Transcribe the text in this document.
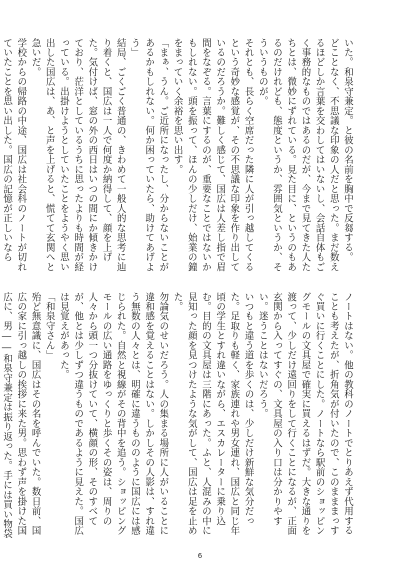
いた。和泉守兼定。と彼の名前を胸中で反芻する。

どことなく、不思議な印象の人だと思った。まだ数えるほどしか言葉を交わしてはいないし、会話自体もごく事務的なものではあるのだが、今まで見てきた人たちとは、微妙にずれている。見た目に、というのもあるのだけれども、態度というか、雰囲気というか、そういうものが。

それとも、長らく空席だった隣に人が引っ越してくるという奇妙な感覚が、その不思議な印象を作り出しているのだろうか。難しく感じて、国広は人差し指で眉間をなぞる。言葉にするのが、重要なことではないかもしれない。頭を振って、ほんの少しだけ、始業の鐘をまっていく余裕を思い出す。

「まぁ、うん。ご近所になったし、分からないことがあるかもしれない。何か困っていたら、助けてあげよう」

結局、ごくごく普通の、きわめて一般人的な思考に辿り着くと、国広は一人で何度か納得して、顔を上げた。気付けば、窓の外の西日はいつの間にか傾きかけており、茫洋としているうちに思ったよりも時間が経っている。出掛けようとしていたことをようやく思い出した国広は、あ、と声を上げると、慌てて玄関へと急いだ。

学校からの帰路の中途、国広は社会科のノートが切れていたことを思い出した。国広の記憶が正しいなら

ノートはない。他の教科のノートでとりあえず代用することも考えたが、折角気が付いたので、このまままっすぐ買いに行くことにした。ノートなら駅前のショッピングモールの文具屋で確実に買えるはずだ。大きな通りを渡って、少しだけ遠回りをして行くことになるが、正面玄関から入ってすぐの、文具屋の入り口は分かりやすい。迷うことはないだろう。

いつもと違う道を歩くのは、少しだけ新鮮な気分だった。足取りも軽く、家族連れや男女連れ、国広と同じ年頃の学生とすれ違いながら、エスカレーターに乗り込む。目的の文具屋は三階にあった。ふと、人混みの中に見知った顔を見つけたような気がして、国広は足を止めた。

勿論気のせいだろう。人の集まる場所に人がいることに違和感を覚えることはない。しかしその人影は、すれ違う無数の人々とは、明確に違うもののように国広には感じられた。自然と視線がその背中を追う。ショッピングモールの広い通路をゆっくりと歩くその姿は、周りの人々から頭一つ分抜けていて、横顔の形、そのすべてが、他とは少しずつ違うものであるように見えた。国広は見覚えがあった。

「和泉守さん」

殆ど無意識に、国広はその名を呼んでいた。数日前、国広の家に引っ越しの挨拶に来た男。思わず声を掛けた国広に、男――和泉守兼定は振り返った。手には買い物袋

6
